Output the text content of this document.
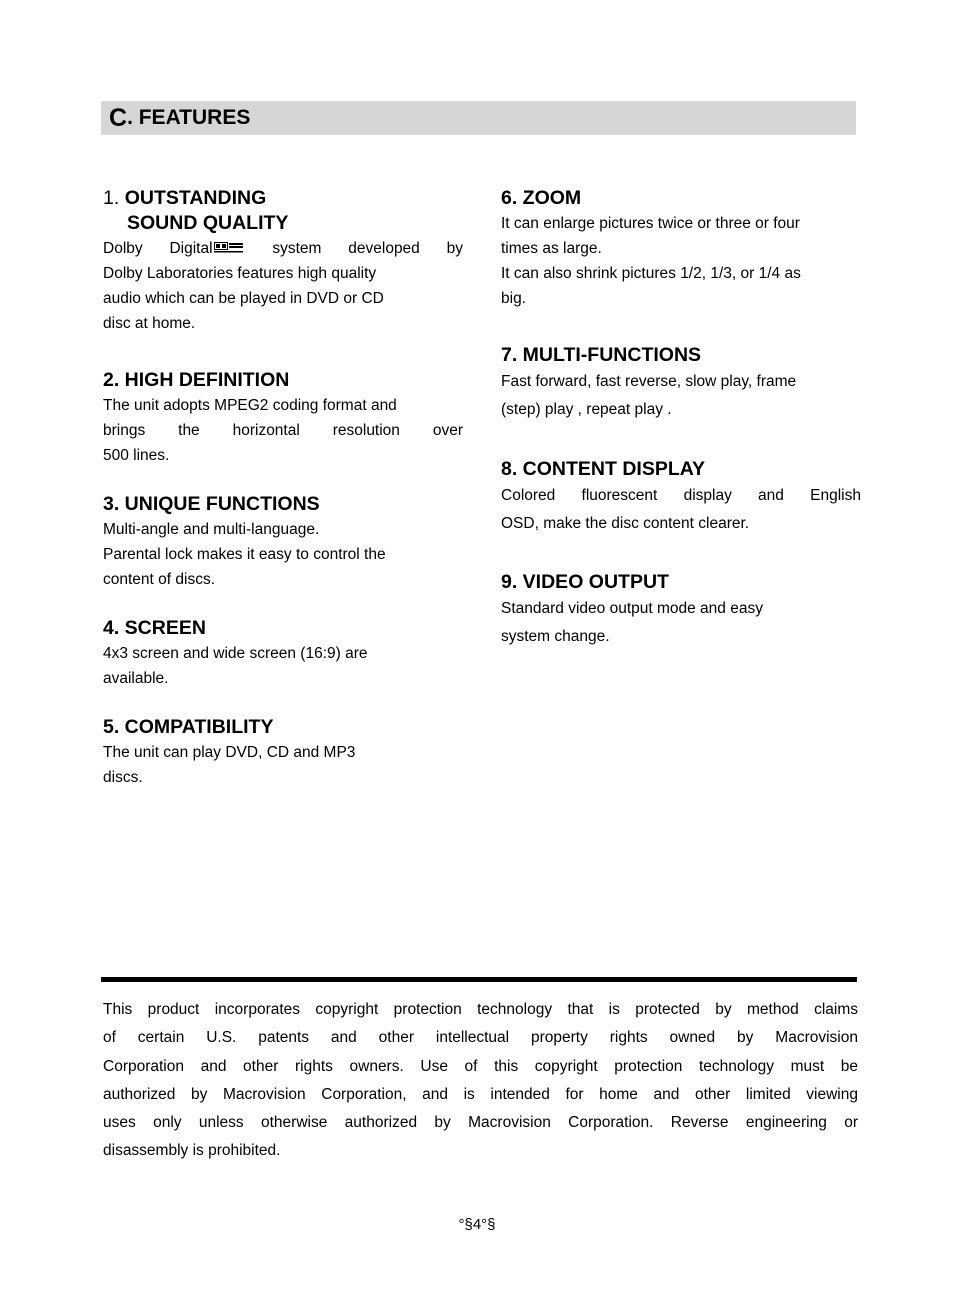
C . FEATURES
1. OUTSTANDING
SOUND QUALITY

Dolby Digital system developed by
Dolby Laboratories features high quality
audio which can be played in DVD or CD
disc at home.

2. HIGH DEFINITION

The unit adopts MPEG2 coding format and
brings the horizontal resolution over
500 lines.

3. UNIQUE FUNCTIONS

Multi-angle and multi-language.
Parental lock makes it easy to control the
content of discs.

4. SCREEN

4x3 screen and wide screen (16:9) are
available.

5. COMPATIBILITY

The unit can play DVD, CD and MP3
discs.

6. ZOOM

It can enlarge pictures twice or three or four
times as large.
It can also shrink pictures 1/2, 1/3, or 1/4 as
big.

7. MULTI-FUNCTIONS

Fast forward, fast reverse, slow play, frame
(step) play , repeat play .

8. CONTENT DISPLAY

Colored fluorescent display and English
OSD, make the disc content clearer.

9. VIDEO OUTPUT

Standard video output mode and easy
system change.

This product incorporates copyright protection technology that is protected by method claims
of certain U.S. patents and other intellectual property rights owned by Macrovision
Corporation and other rights owners. Use of this copyright protection technology must be
authorized by Macrovision Corporation, and is intended for home and other limited viewing
uses only unless otherwise authorized by Macrovision Corporation. Reverse engineering or
disassembly is prohibited.
°§4°§
